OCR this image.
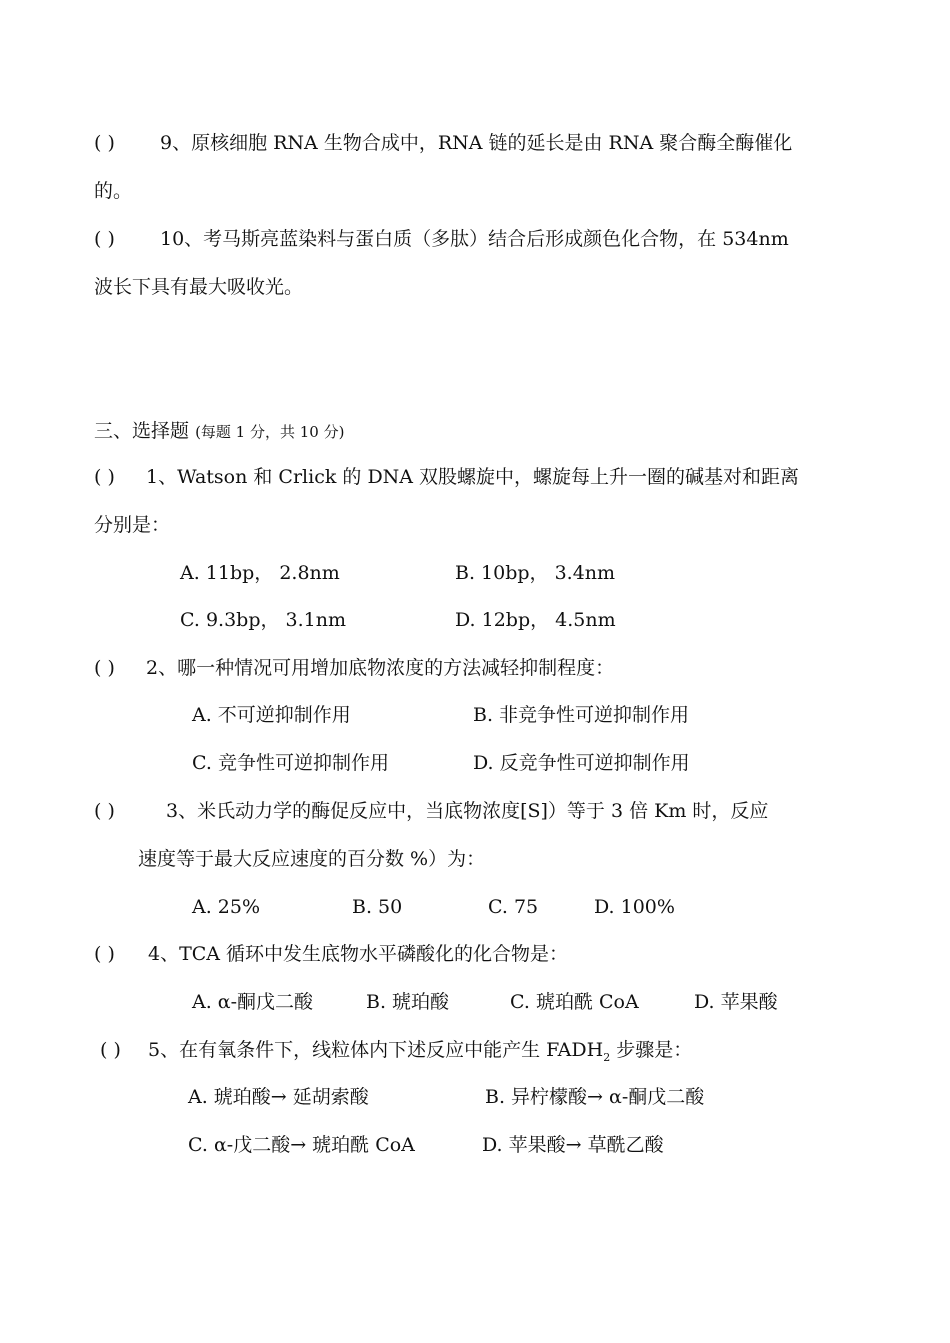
( ) 9、原核细胞 RNA 生物合成中，RNA 链的延长是由 RNA 聚合酶全酶催化
的。
( ) 10、考马斯亮蓝染料与蛋白质（多肽）结合后形成颜色化合物，在 534nm
波长下具有最大吸收光。
三、选择题 (每题 1 分，共 10 分)
( ) 1、Watson 和 Crlick 的 DNA 双股螺旋中，螺旋每上升一圈的碱基对和距离
分别是：
A. 11bp， 2.8nm	B. 10bp， 3.4nm
C. 9.3bp， 3.1nm	D. 12bp， 4.5nm
( ) 2、哪一种情况可用增加底物浓度的方法减轻抑制程度：
A. 不可逆抑制作用	B. 非竞争性可逆抑制作用
C. 竞争性可逆抑制作用	D. 反竞争性可逆抑制作用
( )	3、米氏动力学的酶促反应中，当底物浓度[S]）等于 3 倍 Km 时，反应
速度等于最大反应速度的百分数 %）为：
A. 25%	B. 50	C. 75	D. 100%
( ) 4、TCA 循环中发生底物水平磷酸化的化合物是：
A. α-酮戊二酸	B. 琥珀酸	C. 琥珀酰 CoA	D. 苹果酸
( ) 5、在有氧条件下，线粒体内下述反应中能产生 $FADH_2$ 步骤是：
A. 琥珀酸→ 延胡索酸	B. 异柠檬酸→ α-酮戊二酸
C. α-戊二酸→ 琥珀酰 CoA	D. 苹果酸→ 草酰乙酸
